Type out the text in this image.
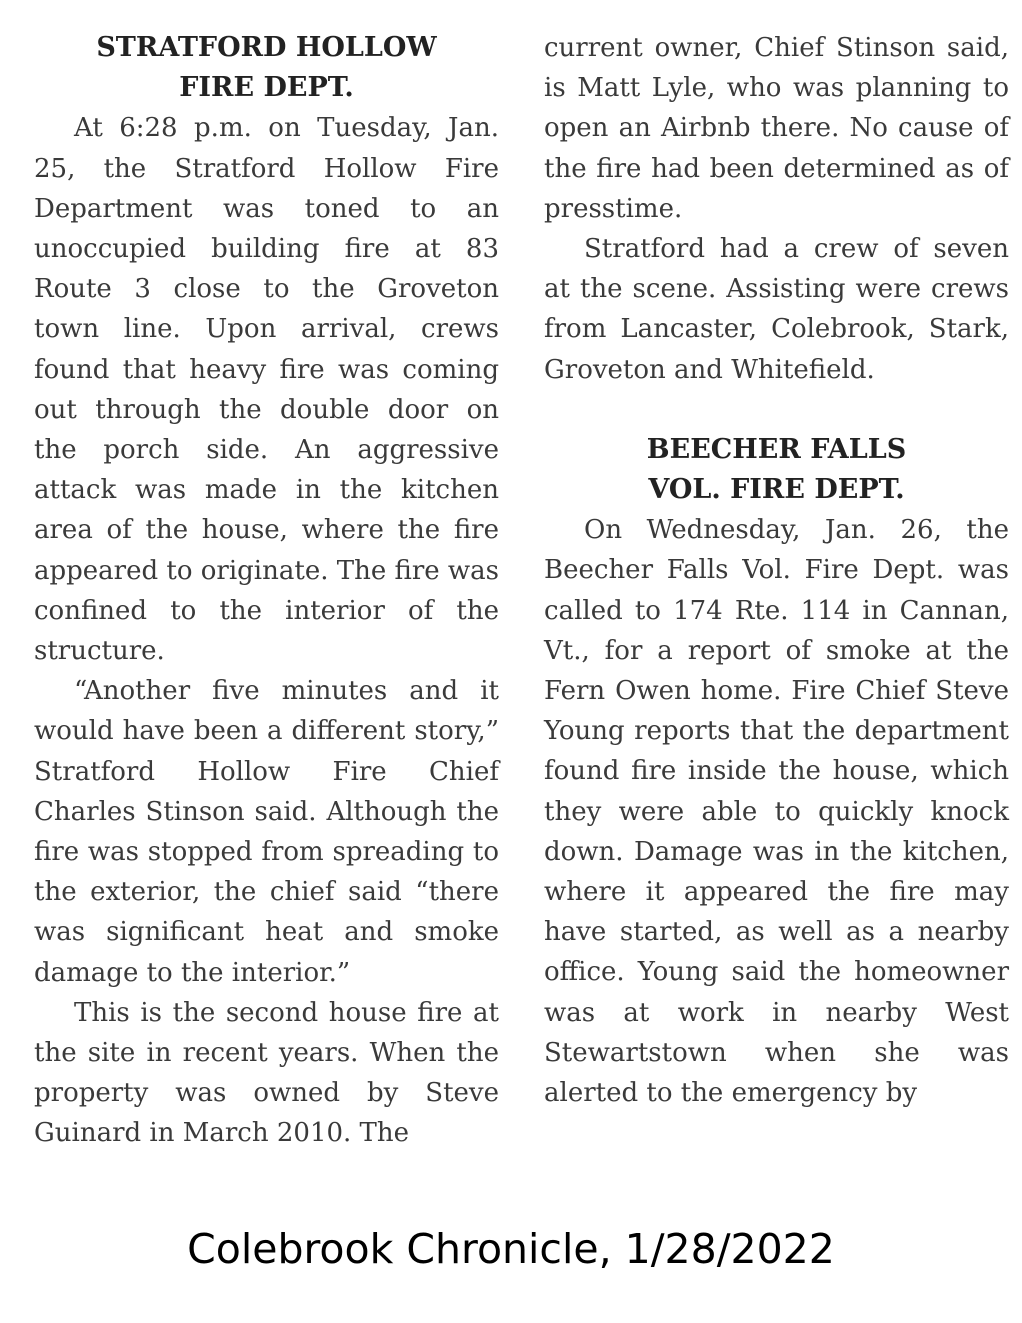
STRATFORD HOLLOW
FIRE DEPT.

At 6:28 p.m. on Tuesday, Jan. 25, the Stratford Hollow Fire Department was toned to an unoccupied building fire at 83 Route 3 close to the Groveton town line. Upon arrival, crews found that heavy fire was coming out through the double door on the porch side. An aggressive attack was made in the kitchen area of the house, where the fire appeared to originate. The fire was confined to the interior of the structure.

“Another five minutes and it would have been a different story,” Stratford Hollow Fire Chief Charles Stinson said. Although the fire was stopped from spreading to the exterior, the chief said “there was significant heat and smoke damage to the interior.”

This is the second house fire at the site in recent years. When the property was owned by Steve Guinard in March 2010. The

current owner, Chief Stinson said, is Matt Lyle, who was planning to open an Airbnb there. No cause of the fire had been determined as of presstime.

Stratford had a crew of seven at the scene. Assisting were crews from Lancaster, Colebrook, Stark, Groveton and Whitefield.

BEECHER FALLS
VOL. FIRE DEPT.

On Wednesday, Jan. 26, the Beecher Falls Vol. Fire Dept. was called to 174 Rte. 114 in Cannan, Vt., for a report of smoke at the Fern Owen home. Fire Chief Steve Young reports that the department found fire inside the house, which they were able to quickly knock down. Damage was in the kitchen, where it appeared the fire may have started, as well as a nearby office. Young said the homeowner was at work in nearby West Stewartstown when she was alerted to the emergency by

Colebrook Chronicle, 1/28/2022
